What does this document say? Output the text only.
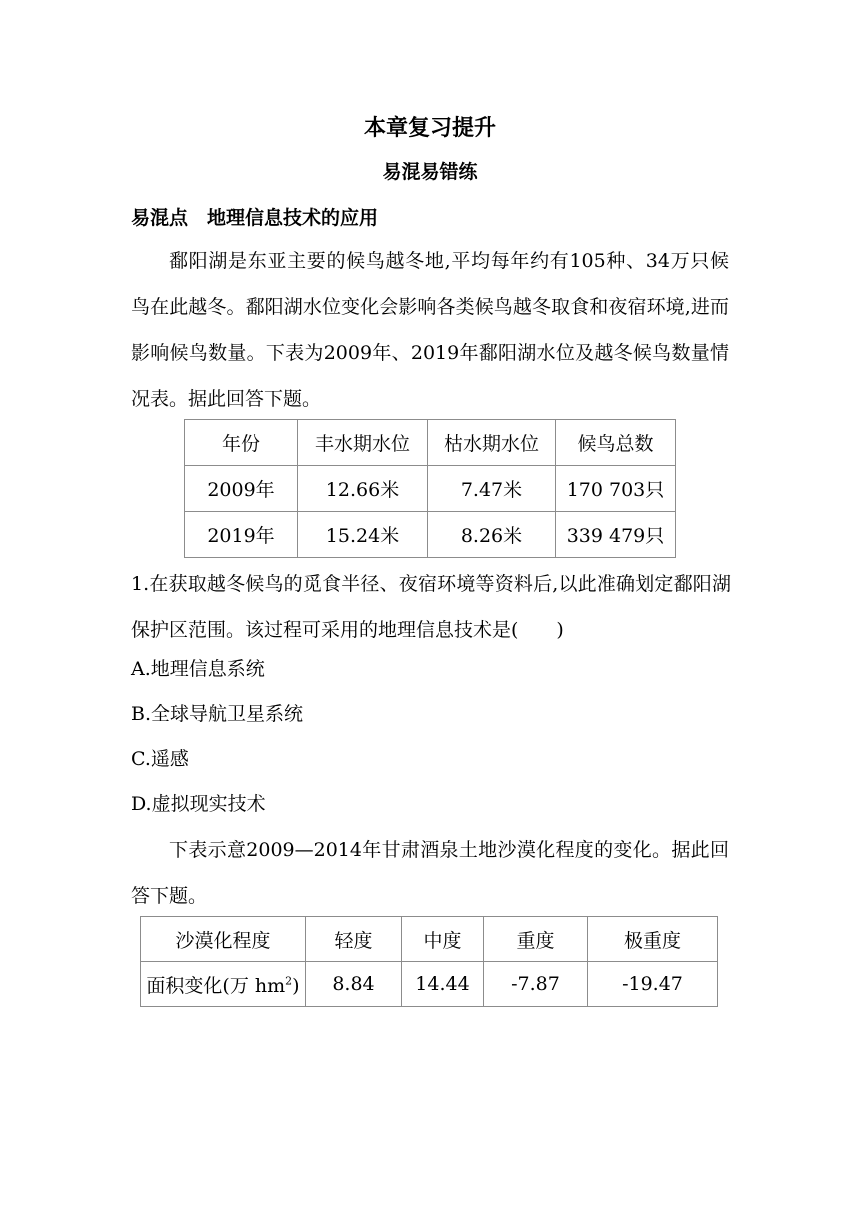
本章复习提升
易混易错练
易混点　 地理信息技术的应用
鄱阳湖是东亚主要的候鸟越冬地,平均每年约有105种、34万只候鸟在此越冬。鄱阳湖水位变化会影响各类候鸟越冬取食和夜宿环境,进而影响候鸟数量。下表为2009年、2019年鄱阳湖水位及越冬候鸟数量情况表。据此回答下题。
年份	丰水期水位	枯水期水位	候鸟总数
2009年	12.66米	7.47米	170 703只
2019年	15.24米	8.26米	339 479只
1.在获取越冬候鸟的觅食半径、夜宿环境等资料后,以此准确划定鄱阳湖保护区范围。该过程可采用的地理信息技术是(　　)
A.地理信息系统
B.全球导航卫星系统
C.遥感
D.虚拟现实技术
下表示意2009—2014年甘肃酒泉土地沙漠化程度的变化。据此回答下题。
沙漠化程度	轻度	中度	重度	极重度
面积变化(万 $hm^2$)	8.84	14.44	-7.87	-19.47
